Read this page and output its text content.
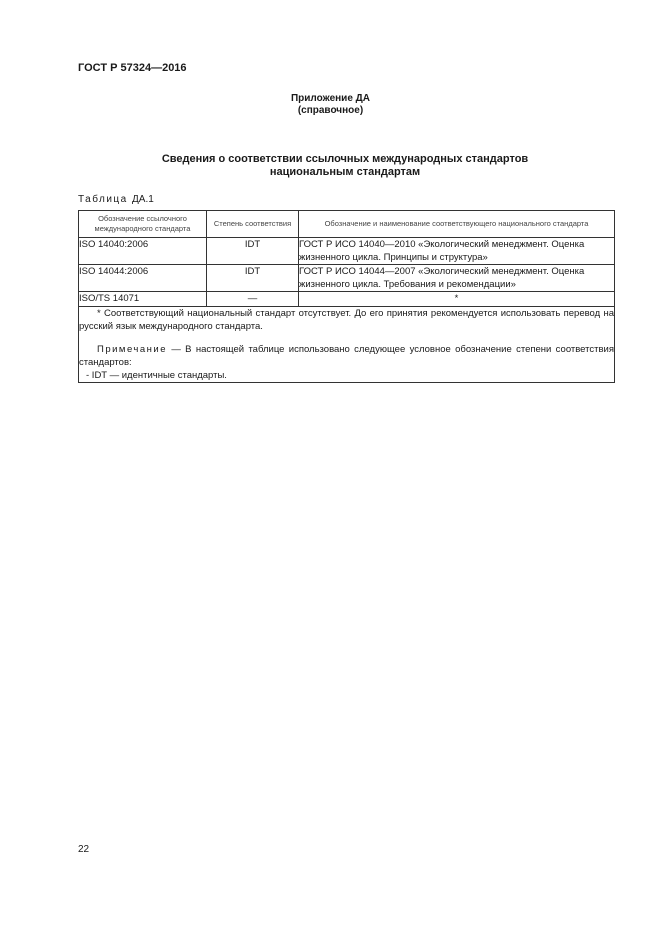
ГОСТ Р 57324—2016
Приложение ДА
(справочное)
Сведения о соответствии ссылочных международных стандартов
национальным стандартам
Таблица ДА.1
Обозначение ссылочного международного стандарта	Степень соответствия	Обозначение и наименование соответствующего национального стандарта
ISO 14040:2006	IDT	ГОСТ Р ИСО 14040—2010 «Экологический менеджмент. Оценка жизненного цикла. Принципы и структура»
ISO 14044:2006	IDT	ГОСТ Р ИСО 14044—2007 «Экологический менеджмент. Оценка жизненного цикла. Требования и рекомендации»
ISO/TS 14071	—	*

* Соответствующий национальный стандарт отсутствует. До его принятия рекомендуется использовать перевод на русский язык международного стандарта.

Примечание — В настоящей таблице использовано следующее условное обозначение степени соответствия стандартов:

- IDT — идентичные стандарты.		

22
